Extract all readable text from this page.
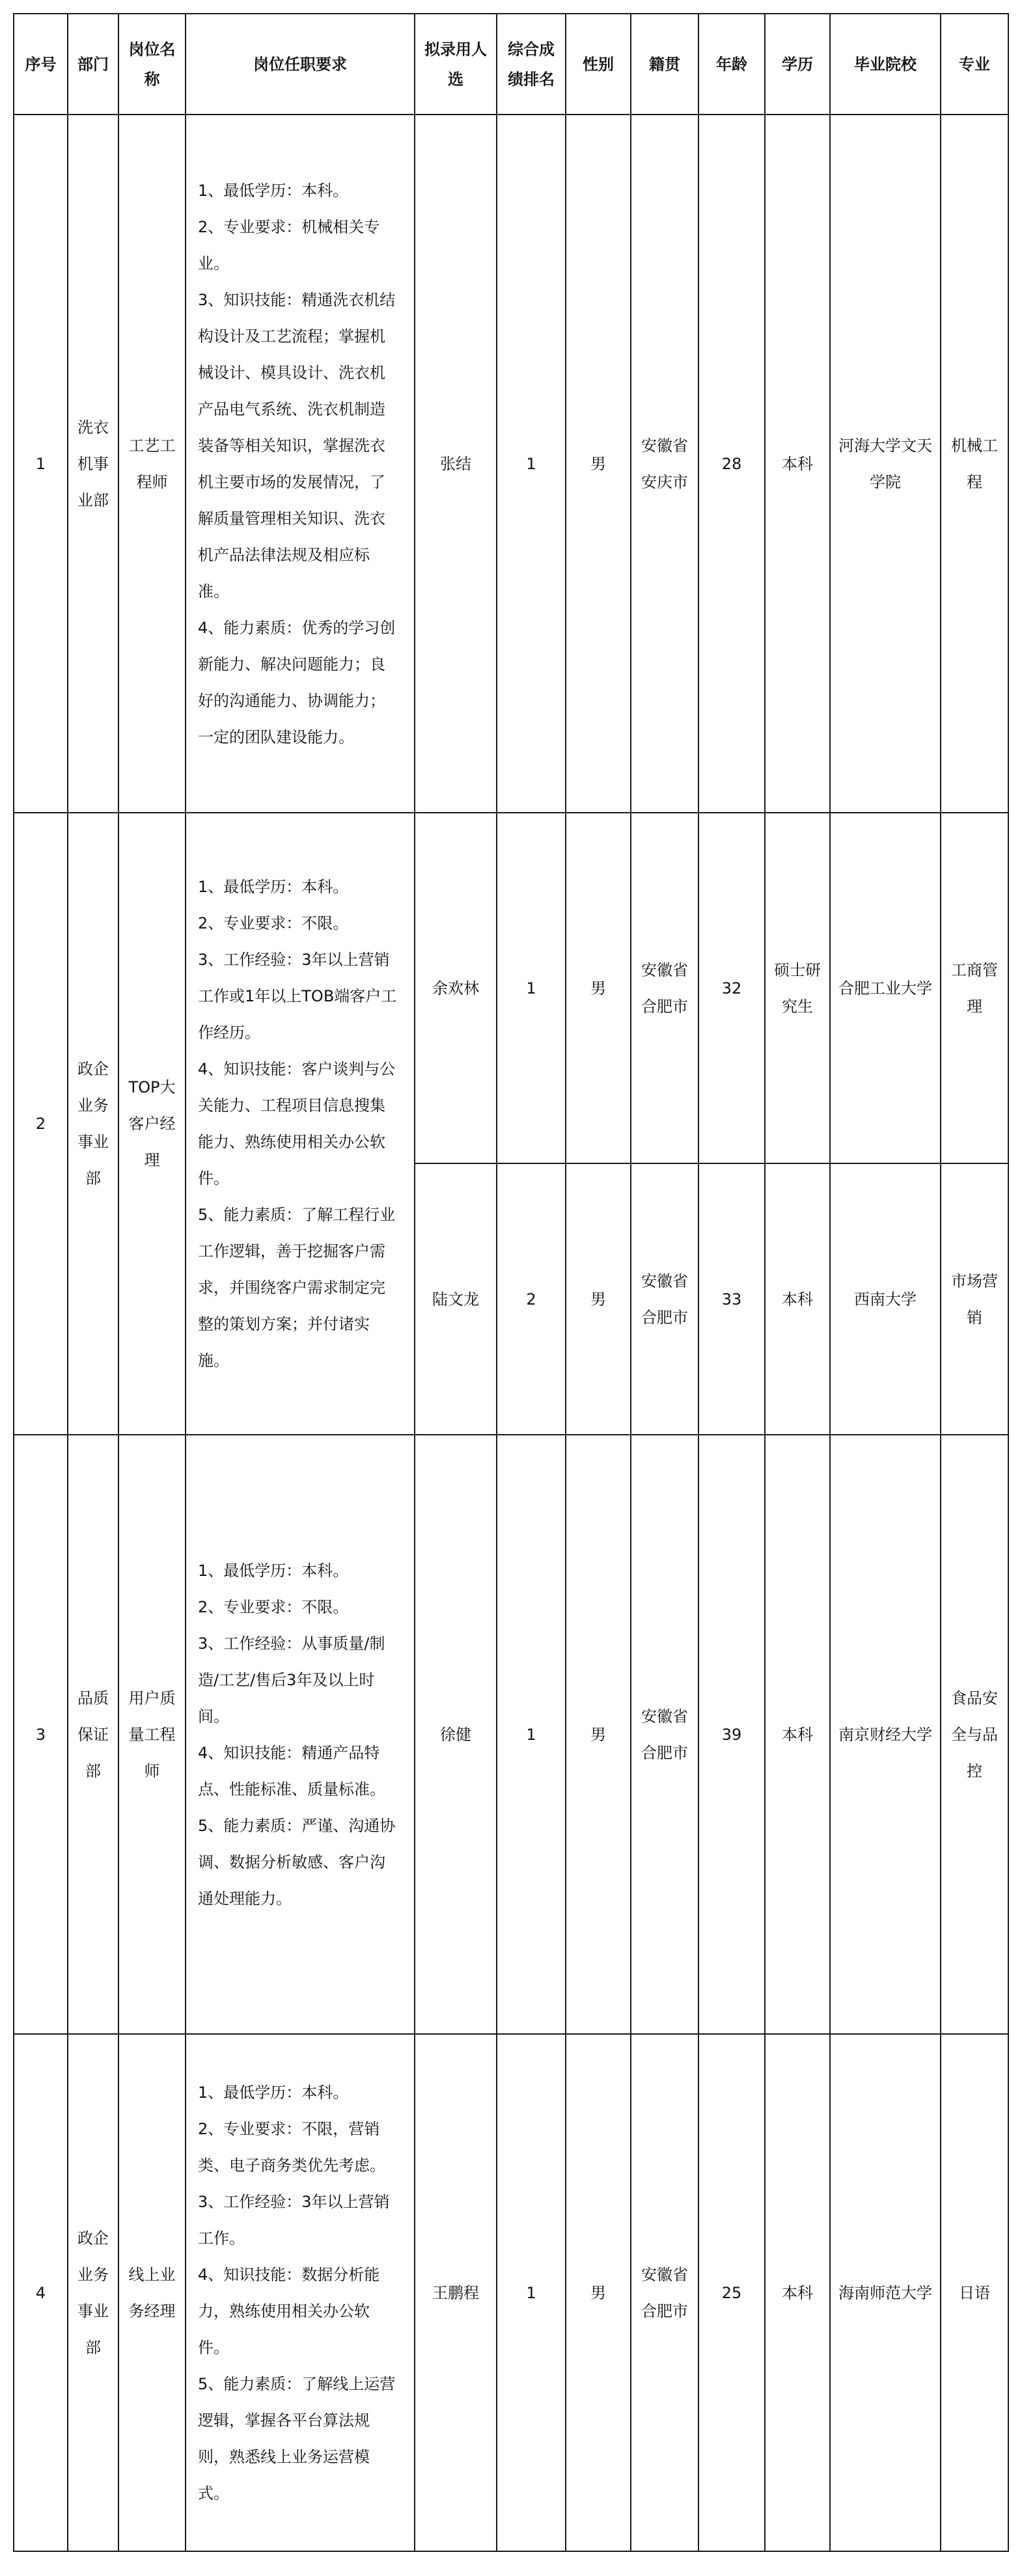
序号	部门	岗位名称	岗位任职要求	拟录用人选	综合成绩排名	性别	籍贯	年龄	学历	毕业院校	专业
1	洗衣机事业部	工艺工程师	1、最低学历：本科。
2、专业要求：机械相关专业。
3、知识技能：精通洗衣机结构设计及工艺流程；掌握机械设计、模具设计、洗衣机产品电气系统、洗衣机制造装备等相关知识，掌握洗衣机主要市场的发展情况，了解质量管理相关知识、洗衣机产品法律法规及相应标准。
4、能力素质：优秀的学习创新能力、解决问题能力；良好的沟通能力、协调能力；一定的团队建设能力。	张结	1	男	安徽省安庆市	28	本科	河海大学文天学院	机械工程
2	政企业务事业部	TOP大客户经理	1、最低学历：本科。
2、专业要求：不限。
3、工作经验：3年以上营销工作或1年以上TOB端客户工作经历。
4、知识技能：客户谈判与公关能力、工程项目信息搜集能力、熟练使用相关办公软件。
5、能力素质：了解工程行业工作逻辑，善于挖掘客户需求，并围绕客户需求制定完整的策划方案；并付诸实施。	余欢林	1	男	安徽省合肥市	32	硕士研究生	合肥工业大学	工商管理
				陆文龙	2	男	安徽省合肥市	33	本科	西南大学	市场营销
3	品质保证部	用户质量工程师	1、最低学历：本科。
2、专业要求：不限。
3、工作经验：从事质量/制造/工艺/售后3年及以上时间。
4、知识技能：精通产品特点、性能标准、质量标准。
5、能力素质：严谨、沟通协调、数据分析敏感、客户沟通处理能力。	徐健	1	男	安徽省合肥市	39	本科	南京财经大学	食品安全与品控
4	政企业务事业部	线上业务经理	1、最低学历：本科。
2、专业要求：不限，营销类、电子商务类优先考虑。
3、工作经验：3年以上营销工作。
4、知识技能：数据分析能力，熟练使用相关办公软件。
5、能力素质：了解线上运营逻辑，掌握各平台算法规则，熟悉线上业务运营模式。	王鹏程	1	男	安徽省合肥市	25	本科	海南师范大学	日语
